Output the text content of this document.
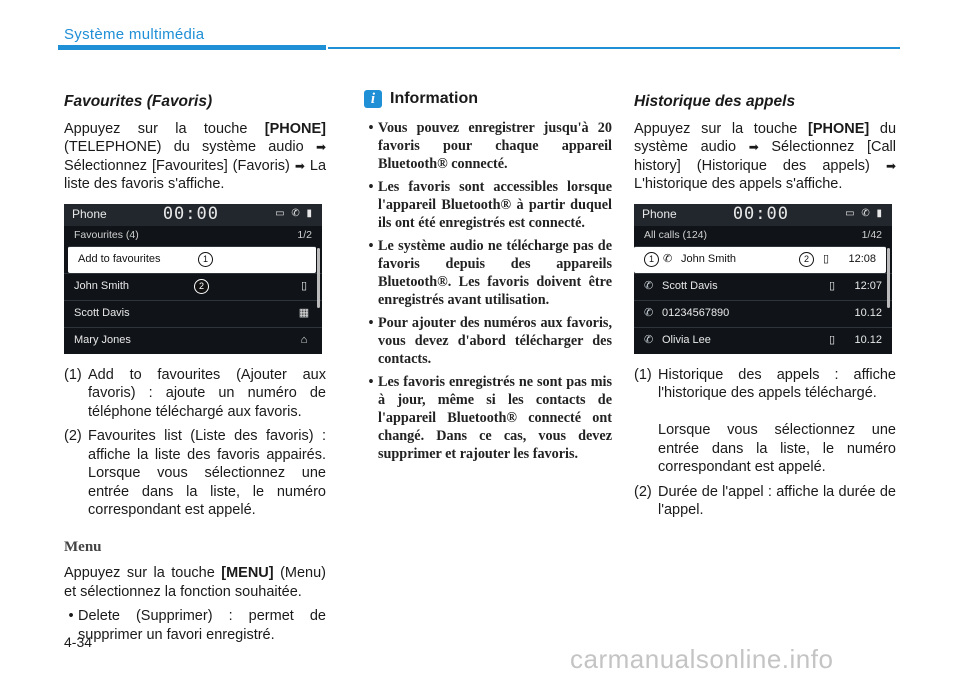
Système multimédia
Favourites (Favoris)

Appuyez sur la touche [PHONE] (TELEPHONE) du système audio ➡ Sélectionnez [Favourites] (Favoris) ➡ La liste des favoris s'affiche.

Phone	00:00	▭ ✆ ▮
Favourites (4)	1/2
Add to favourites	1
John Smith	2	▯
Scott Davis	▦
Mary Jones	⌂
(1) Add to favourites (Ajouter aux favoris) : ajoute un numéro de téléphone téléchargé aux favoris.
(2) Favourites list (Liste des favoris) : affiche la liste des favoris appairés. Lorsque vous sélectionnez une entrée dans la liste, le numéro correspondant est appelé.
Menu

Appuyez sur la touche [MENU] (Menu) et sélectionnez la fonction souhaitée.

• Delete (Supprimer) : permet de supprimer un favori enregistré.
i Information
• Vous pouvez enregistrer jusqu'à 20 favoris pour chaque appareil Bluetooth® connecté.
• Les favoris sont accessibles lorsque l'appareil Bluetooth® à partir duquel ils ont été enregistrés est connecté.
• Le système audio ne télécharge pas de favoris depuis des appareils Bluetooth®. Les favoris doivent être enregistrés avant utilisation.
• Pour ajouter des numéros aux favoris, vous devez d'abord télécharger des contacts.
• Les favoris enregistrés ne sont pas mis à jour, même si les contacts de l'appareil Bluetooth® connecté ont changé. Dans ce cas, vous devez supprimer et rajouter les favoris.
Historique des appels

Appuyez sur la touche [PHONE] du système audio ➡ Sélectionnez [Call history] (Historique des appels) ➡ L'historique des appels s'affiche.

Phone	00:00	▭ ✆ ▮
All calls (124)	1/42
1 ✆ John Smith	2	▯	12:08
✆ Scott Davis	▯	12:07
✆ 01234567890	10.12
✆ Olivia Lee	▯	10.12
(1) Historique des appels : affiche l'historique des appels téléchargé.

Lorsque vous sélectionnez une entrée dans la liste, le numéro correspondant est appelé.
(2) Durée de l'appel : affiche la durée de l'appel.
4-34
carmanualsonline.info
